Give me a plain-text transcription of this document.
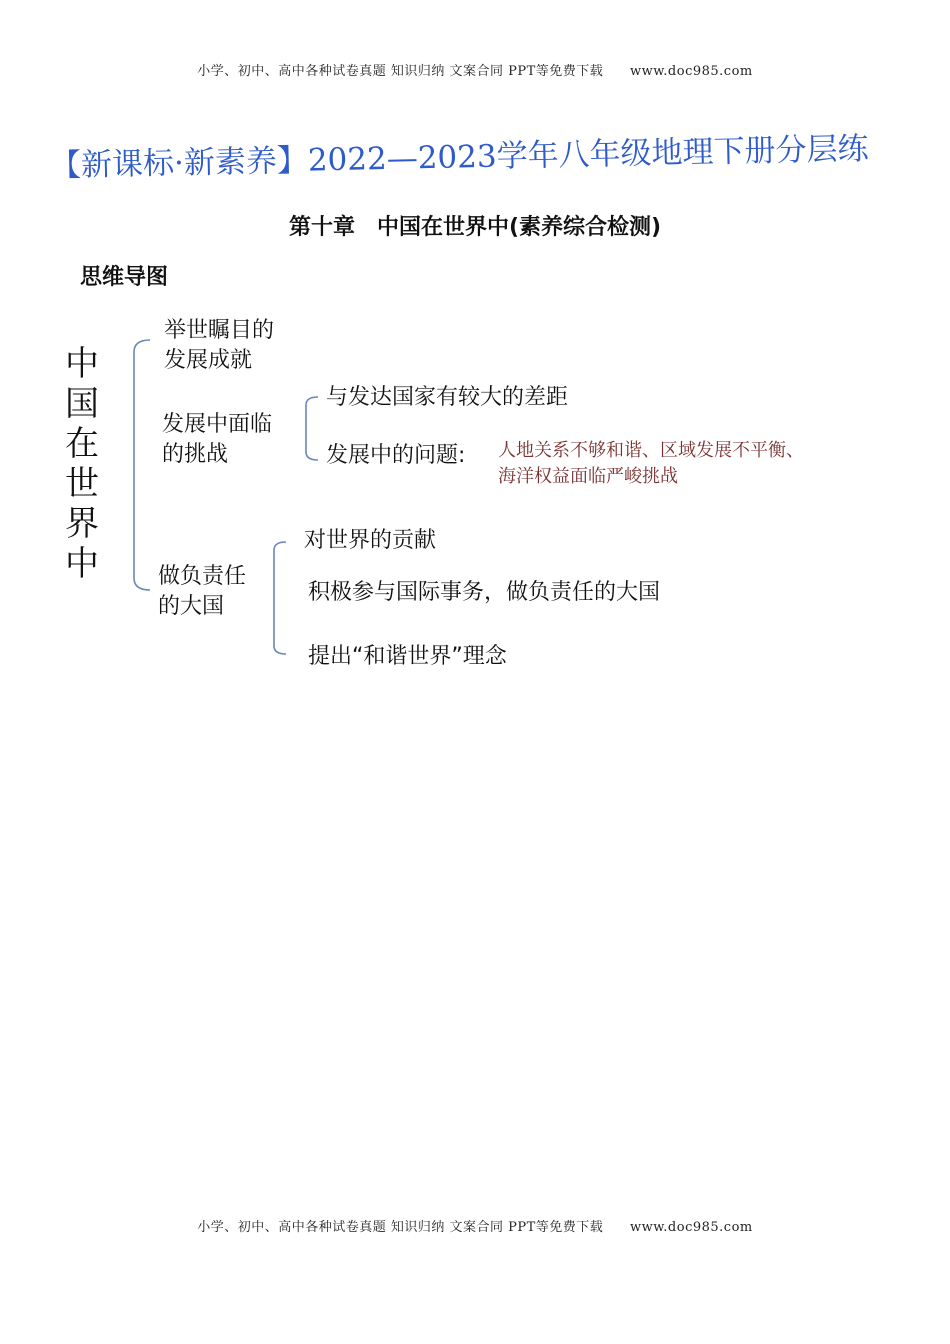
小学、初中、高中各种试卷真题 知识归纳 文案合同 PPT等免费下载 www.doc985.com
【新课标·新素养】2022—2023学年八年级地理下册分层练
第十章　中国在世界中(素养综合检测)
思维导图
中
国
在
世
界
中
举世瞩目的
发展成就
发展中面临
的挑战
与发达国家有较大的差距
发展中的问题: 人地关系不够和谐、区域发展不平衡、
海洋权益面临严峻挑战
做负责任
的大国
对世界的贡献
积极参与国际事务，做负责任的大国
提出“和谐世界”理念
小学、初中、高中各种试卷真题 知识归纳 文案合同 PPT等免费下载 www.doc985.com
